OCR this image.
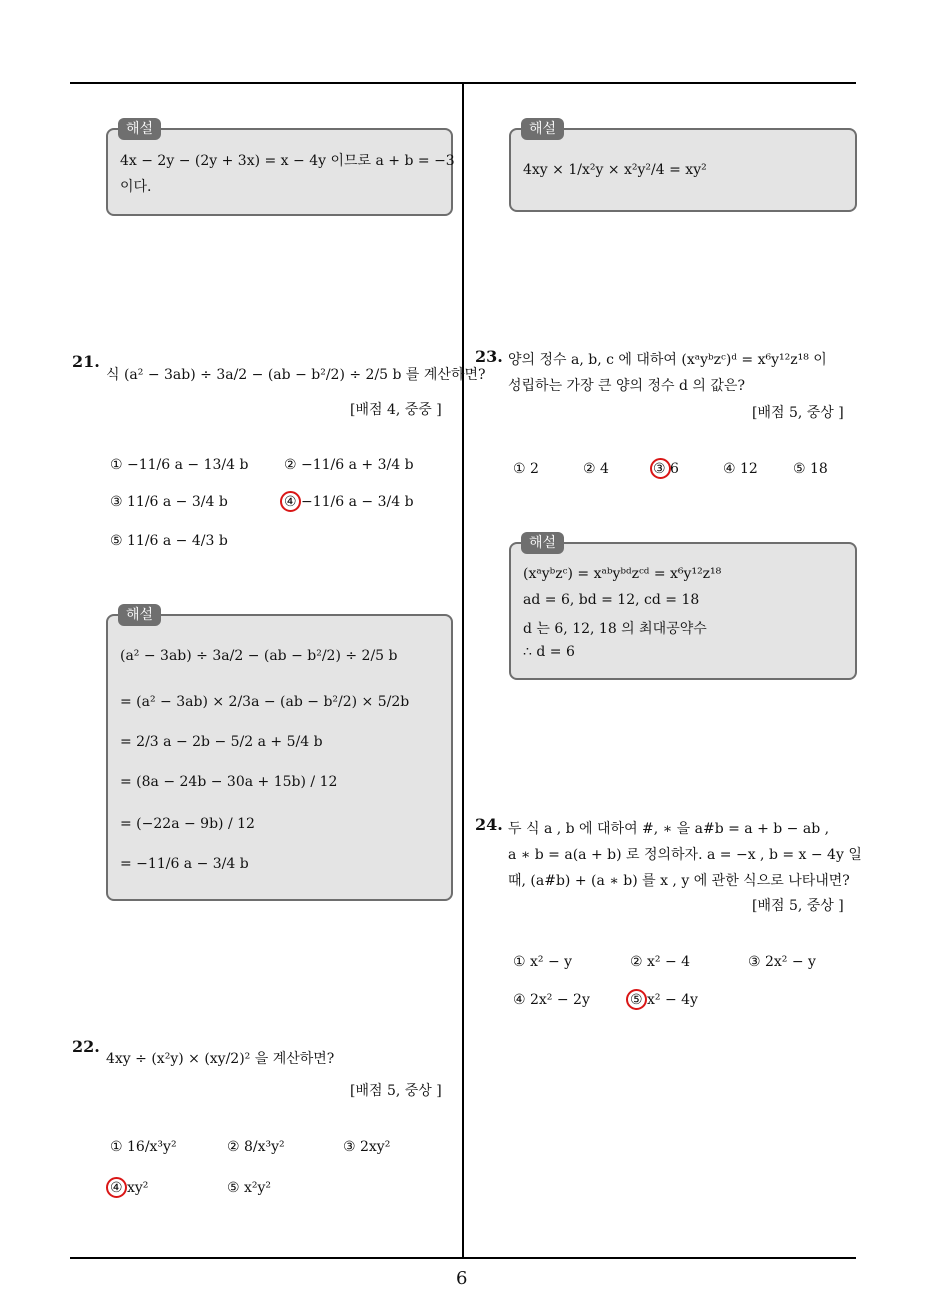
해설
4x − 2y − (2y + 3x) = x − 4y 이므로 a + b = −3
이다.
21.
식 (a² − 3ab) ÷ 3a/2 − (ab − b²/2) ÷ 2/5 b 를 계산하면?
[배점 4, 중중 ]
① −11/6 a − 13/4 b	② −11/6 a + 3/4 b
③ 11/6 a − 3/4 b	④ −11/6 a − 3/4 b
⑤ 11/6 a − 4/3 b
해설
(a² − 3ab) ÷ 3a/2 − (ab − b²/2) ÷ 2/5 b
= (a² − 3ab) × 2/3a − (ab − b²/2) × 5/2b
= 2/3 a − 2b − 5/2 a + 5/4 b
= (8a − 24b − 30a + 15b) / 12
= (−22a − 9b) / 12
= −11/6 a − 3/4 b
22.
4xy ÷ (x²y) × (xy/2)² 을 계산하면?
[배점 5, 중상 ]
① 16/x³y²	② 8/x³y²	③ 2xy²
④ xy²	⑤ x²y²
해설
4xy × 1/x²y × x²y²/4 = xy²
23. 양의 정수 a, b, c 에 대하여 (xᵃyᵇzᶜ)ᵈ = x⁶y¹²z¹⁸ 이
성립하는 가장 큰 양의 정수 d 의 값은?
[배점 5, 중상 ]
① 2	② 4	③ 6	④ 12	⑤ 18
해설
(xᵃyᵇzᶜ) = xᵃᵇyᵇᵈzᶜᵈ = x⁶y¹²z¹⁸
ad = 6, bd = 12, cd = 18
d 는 6, 12, 18 의 최대공약수
∴ d = 6
24. 두 식 a , b 에 대하여 #, ∗ 을 a#b = a + b − ab ,
a ∗ b = a(a + b) 로 정의하자. a = −x , b = x − 4y 일
때, (a#b) + (a ∗ b) 를 x , y 에 관한 식으로 나타내면?
[배점 5, 중상 ]
① x² − y	② x² − 4	③ 2x² − y
④ 2x² − 2y	⑤ x² − 4y
6
